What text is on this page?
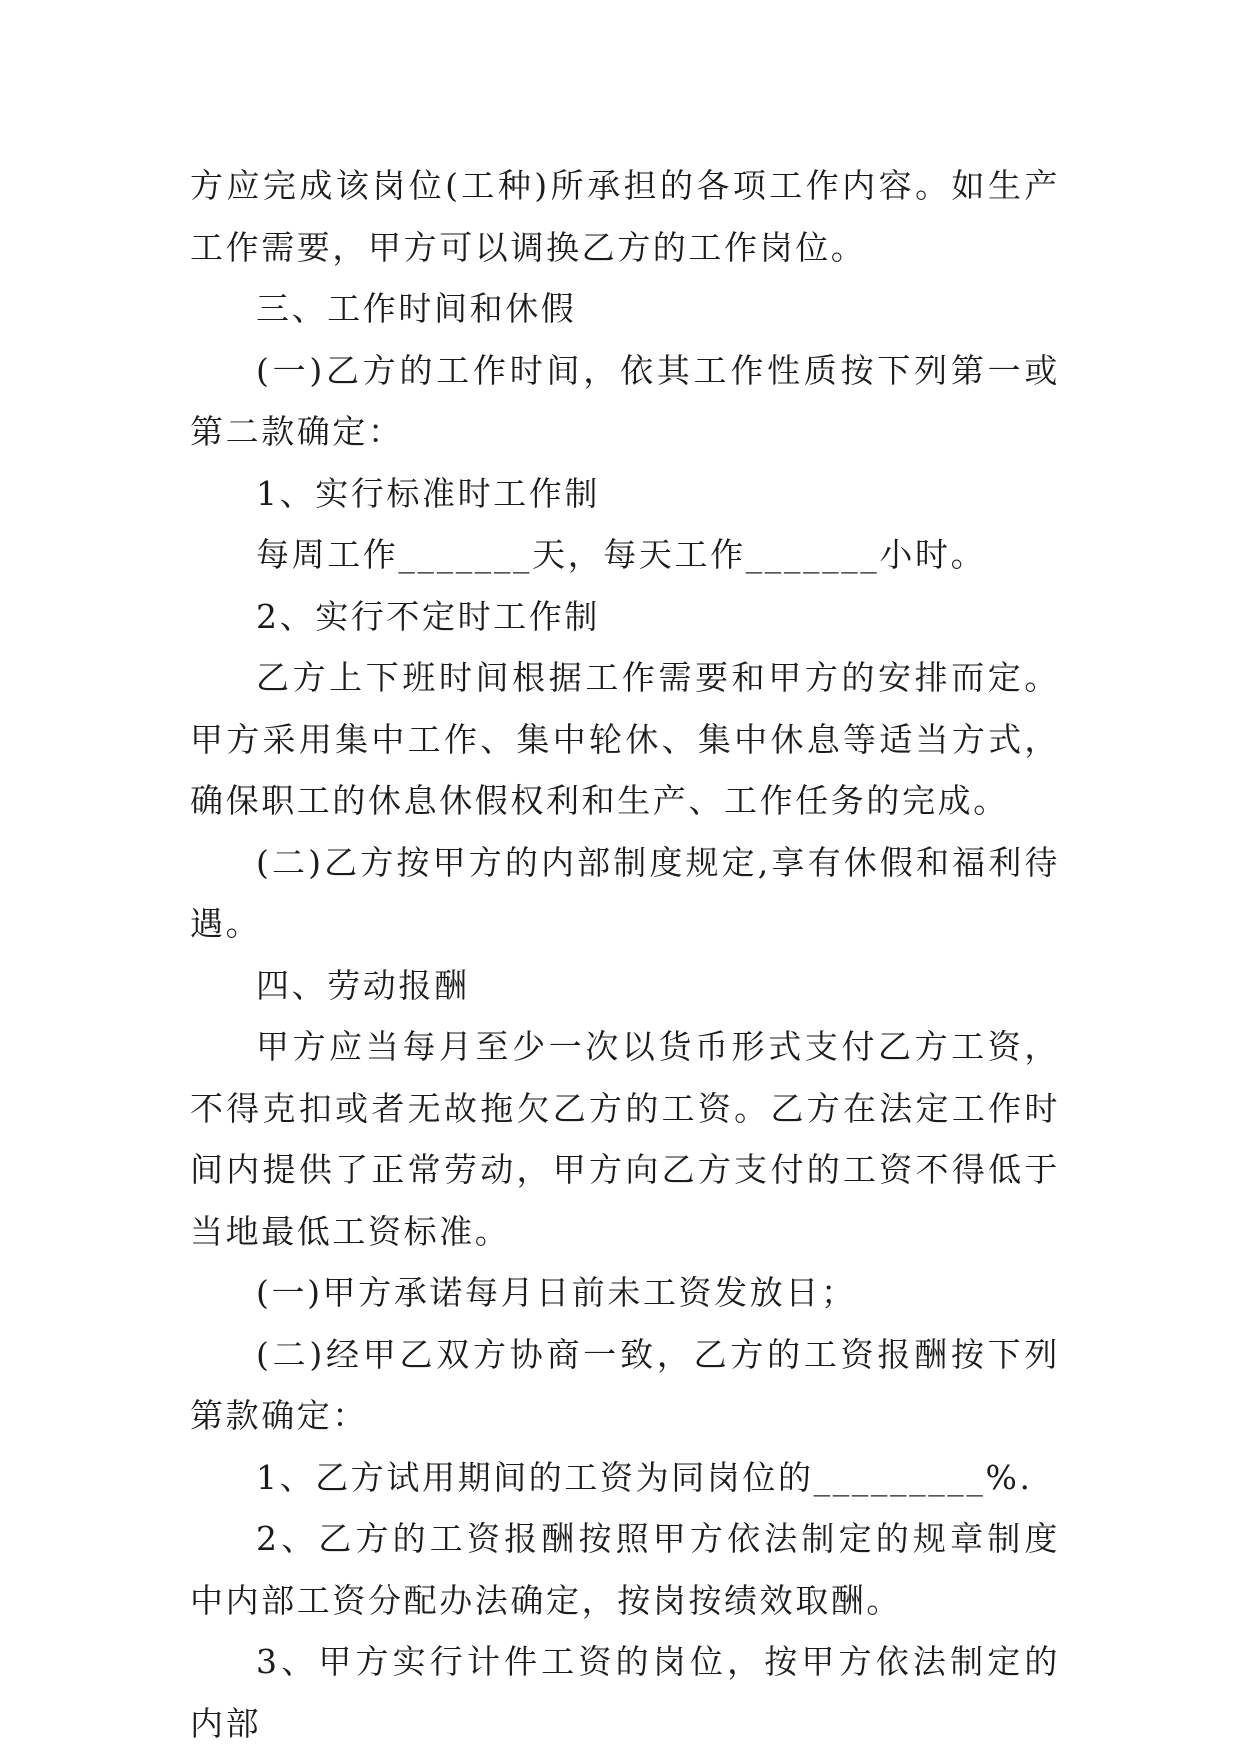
方应完成该岗位(工种)所承担的各项工作内容。如生产工作需要，甲方可以调换乙方的工作岗位。

三、工作时间和休假

(一)乙方的工作时间，依其工作性质按下列第一或第二款确定：

1、实行标准时工作制

每周工作_______天，每天工作_______小时。

2、实行不定时工作制

乙方上下班时间根据工作需要和甲方的安排而定。甲方采用集中工作、集中轮休、集中休息等适当方式，确保职工的休息休假权利和生产、工作任务的完成。

(二)乙方按甲方的内部制度规定,享有休假和福利待遇。

四、劳动报酬

甲方应当每月至少一次以货币形式支付乙方工资，不得克扣或者无故拖欠乙方的工资。乙方在法定工作时间内提供了正常劳动，甲方向乙方支付的工资不得低于当地最低工资标准。

(一)甲方承诺每月日前未工资发放日；

(二)经甲乙双方协商一致，乙方的工资报酬按下列第款确定：

1、乙方试用期间的工资为同岗位的_________%.

2、乙方的工资报酬按照甲方依法制定的规章制度中内部工资分配办法确定，按岗按绩效取酬。

3、甲方实行计件工资的岗位，按甲方依法制定的内部
